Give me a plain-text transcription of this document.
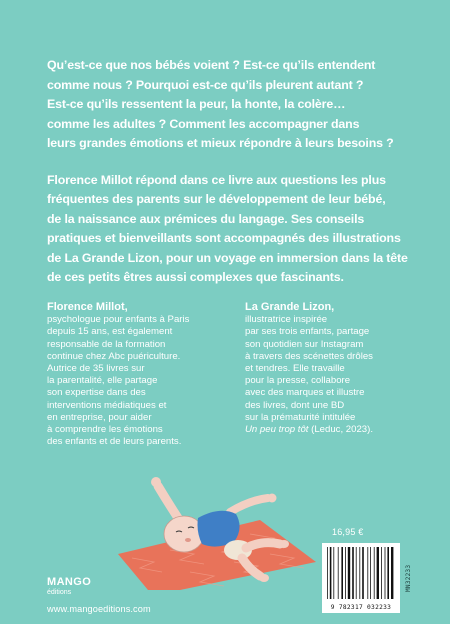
Qu’est-ce que nos bébés voient ? Est-ce qu’ils entendent
comme nous ? Pourquoi est-ce qu’ils pleurent autant ?
Est-ce qu’ils ressentent la peur, la honte, la colère…
comme les adultes ? Comment les accompagner dans
leurs grandes émotions et mieux répondre à leurs besoins ?

Florence Millot répond dans ce livre aux questions les plus
fréquentes des parents sur le développement de leur bébé,
de la naissance aux prémices du langage. Ses conseils
pratiques et bienveillants sont accompagnés des illustrations
de La Grande Lizon, pour un voyage en immersion dans la tête
de ces petits êtres aussi complexes que fascinants.

Florence Millot,
psychologue pour enfants à Paris
depuis 15 ans, est également
responsable de la formation
continue chez Abc puériculture.
Autrice de 35 livres sur
la parentalité, elle partage
son expertise dans des
interventions médiatiques et
en entreprise, pour aider
à comprendre les émotions
des enfants et de leurs parents.
La Grande Lizon,
illustratrice inspirée
par ses trois enfants, partage
son quotidien sur Instagram
à travers des scénettes drôles
et tendres. Elle travaille
pour la presse, collabore
avec des marques et illustre
des livres, dont une BD
sur la prématurité intitulée
Un peu trop tôt (Leduc, 2023).
16,95 €
9 782317 032233
MN32233
MANGO
éditions
www.mangoeditions.com
